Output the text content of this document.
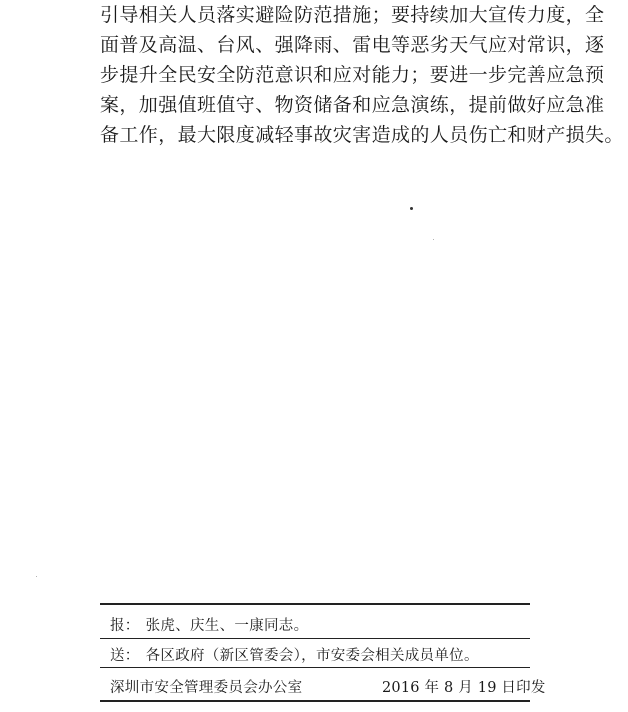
引导相关人员落实避险防范措施；要持续加大宣传力度，全
面普及高温、台风、强降雨、雷电等恶劣天气应对常识，逐
步提升全民安全防范意识和应对能力；要进一步完善应急预
案，加强值班值守、物资储备和应急演练，提前做好应急准
备工作，最大限度减轻事故灾害造成的人员伤亡和财产损失。
报： 张虎、庆生、一康同志。
送： 各区政府（新区管委会），市安委会相关成员单位。
深圳市安全管理委员会办公室	2016 年 8 月 19 日印发
